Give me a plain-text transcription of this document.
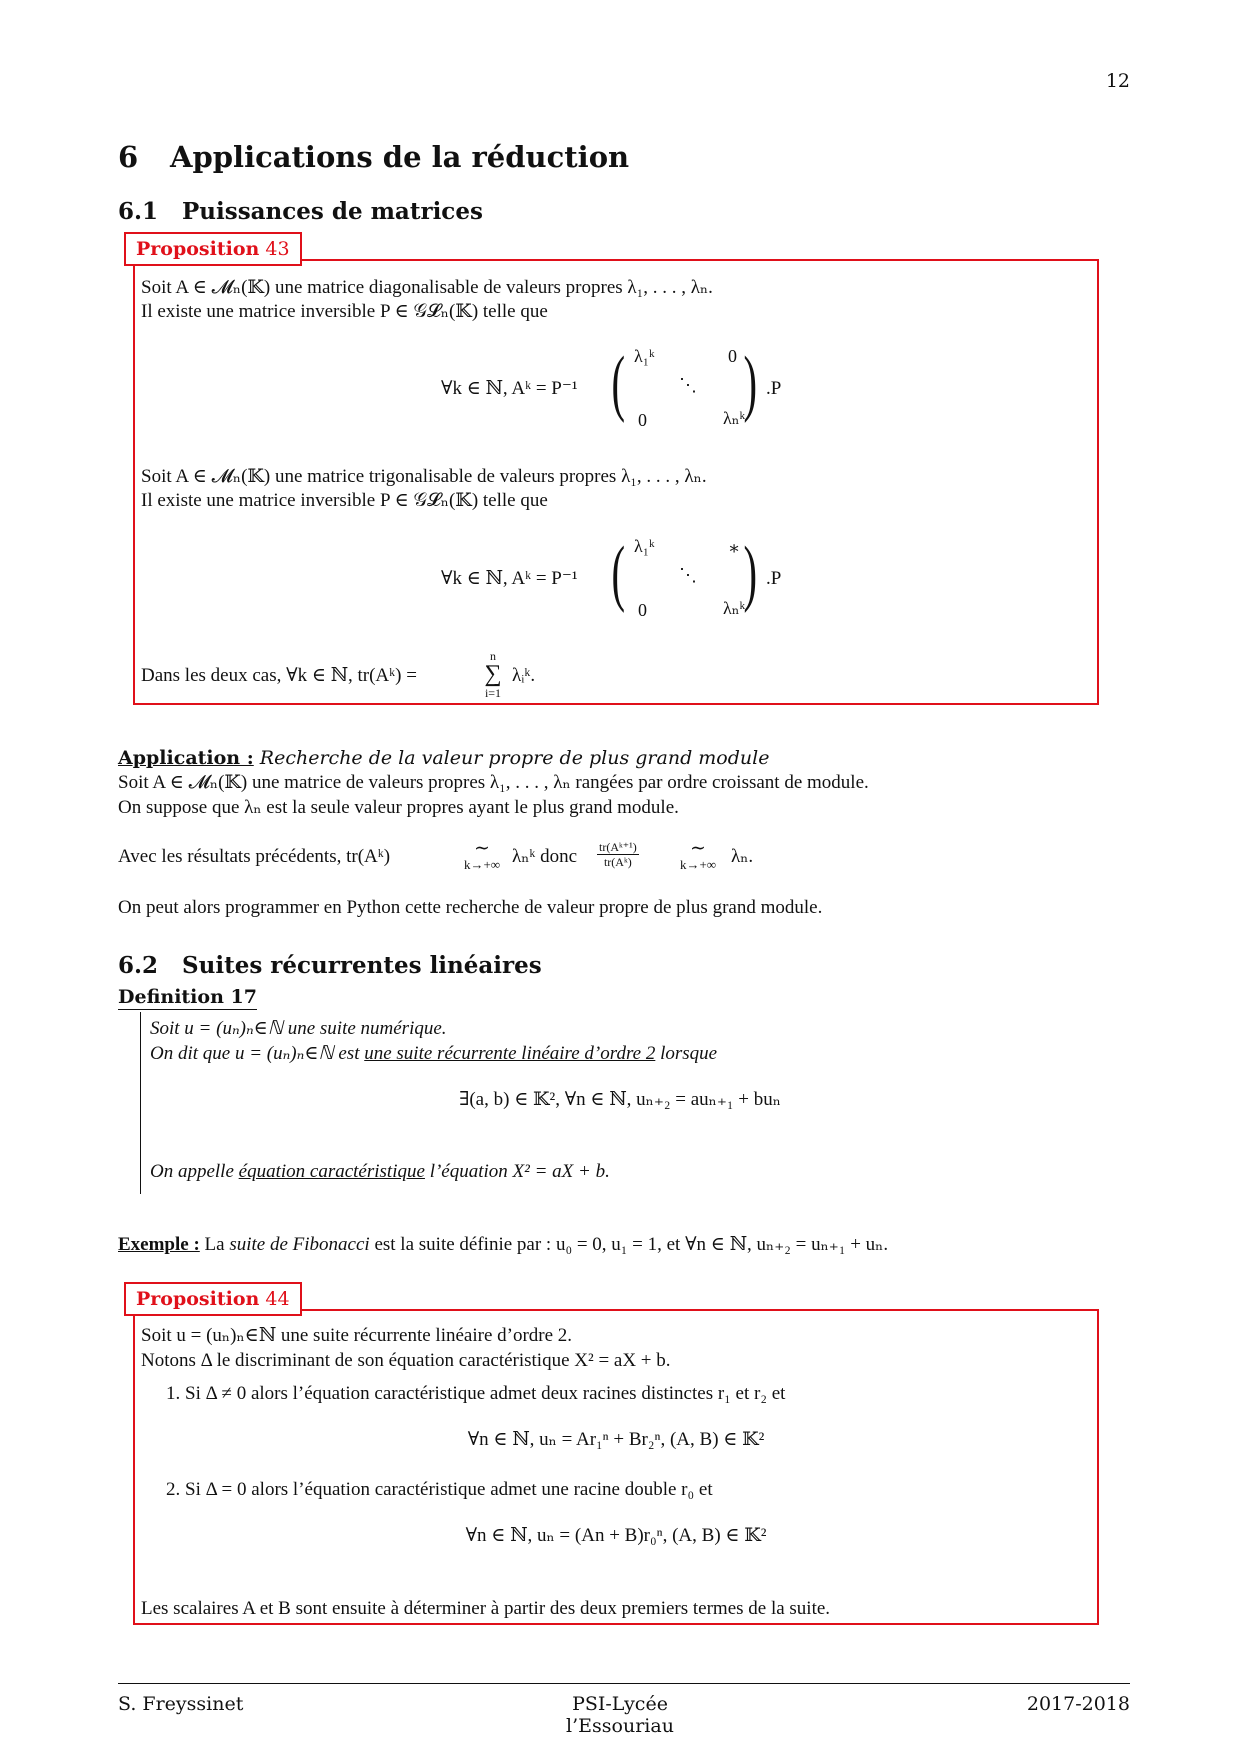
12
6 Applications de la réduction
6.1 Puissances de matrices
Proposition 43
Soit A ∈ 𝓜ₙ(𝕂) une matrice diagonalisable de valeurs propres λ₁, . . . , λₙ.
Il existe une matrice inversible P ∈ 𝒢𝓛ₙ(𝕂) telle que
∀k ∈ ℕ, Aᵏ = P⁻¹ ( )
λ₁ᵏ	0
⋱
0	λₙᵏ
.P
Soit A ∈ 𝓜ₙ(𝕂) une matrice trigonalisable de valeurs propres λ₁, . . . , λₙ.
Il existe une matrice inversible P ∈ 𝒢𝓛ₙ(𝕂) telle que
∀k ∈ ℕ, Aᵏ = P⁻¹ ( )
λ₁ᵏ	∗
⋱
0	λₙᵏ
.P
Dans les deux cas, ∀k ∈ ℕ, tr(Aᵏ) =
n
∑
i=1
λᵢᵏ.
Application : Recherche de la valeur propre de plus grand module
Soit A ∈ 𝓜ₙ(𝕂) une matrice de valeurs propres λ₁, . . . , λₙ rangées par ordre croissant de module.
On suppose que λₙ est la seule valeur propres ayant le plus grand module.
Avec les résultats précédents, tr(Aᵏ)	∼
k→+∞ λₙᵏ donc $\frac{\text{tr(Aᵏ⁺¹)}}{\text{tr(Aᵏ)}}$	∼
k→+∞ λₙ.
On peut alors programmer en Python cette recherche de valeur propre de plus grand module.
6.2 Suites récurrentes linéaires
Definition 17
Soit u = (uₙ)ₙ∈ℕ une suite numérique.
On dit que u = (uₙ)ₙ∈ℕ est une suite récurrente linéaire d’ordre 2 lorsque
∃(a, b) ∈ 𝕂², ∀n ∈ ℕ, uₙ₊₂ = auₙ₊₁ + buₙ
On appelle équation caractéristique l’équation X² = aX + b.
Exemple : La suite de Fibonacci est la suite définie par : u₀ = 0, u₁ = 1, et ∀n ∈ ℕ, uₙ₊₂ = uₙ₊₁ + uₙ.
Proposition 44
Soit u = (uₙ)ₙ∈ℕ une suite récurrente linéaire d’ordre 2.
Notons Δ le discriminant de son équation caractéristique X² = aX + b.
1. Si Δ ≠ 0 alors l’équation caractéristique admet deux racines distinctes r₁ et r₂ et
∀n ∈ ℕ, uₙ = Ar₁ⁿ + Br₂ⁿ, (A, B) ∈ 𝕂²
2. Si Δ = 0 alors l’équation caractéristique admet une racine double r₀ et
∀n ∈ ℕ, uₙ = (An + B)r₀ⁿ, (A, B) ∈ 𝕂²
Les scalaires A et B sont ensuite à déterminer à partir des deux premiers termes de la suite.
S. Freyssinet	PSI-Lycée l’Essouriau
2017-2018
